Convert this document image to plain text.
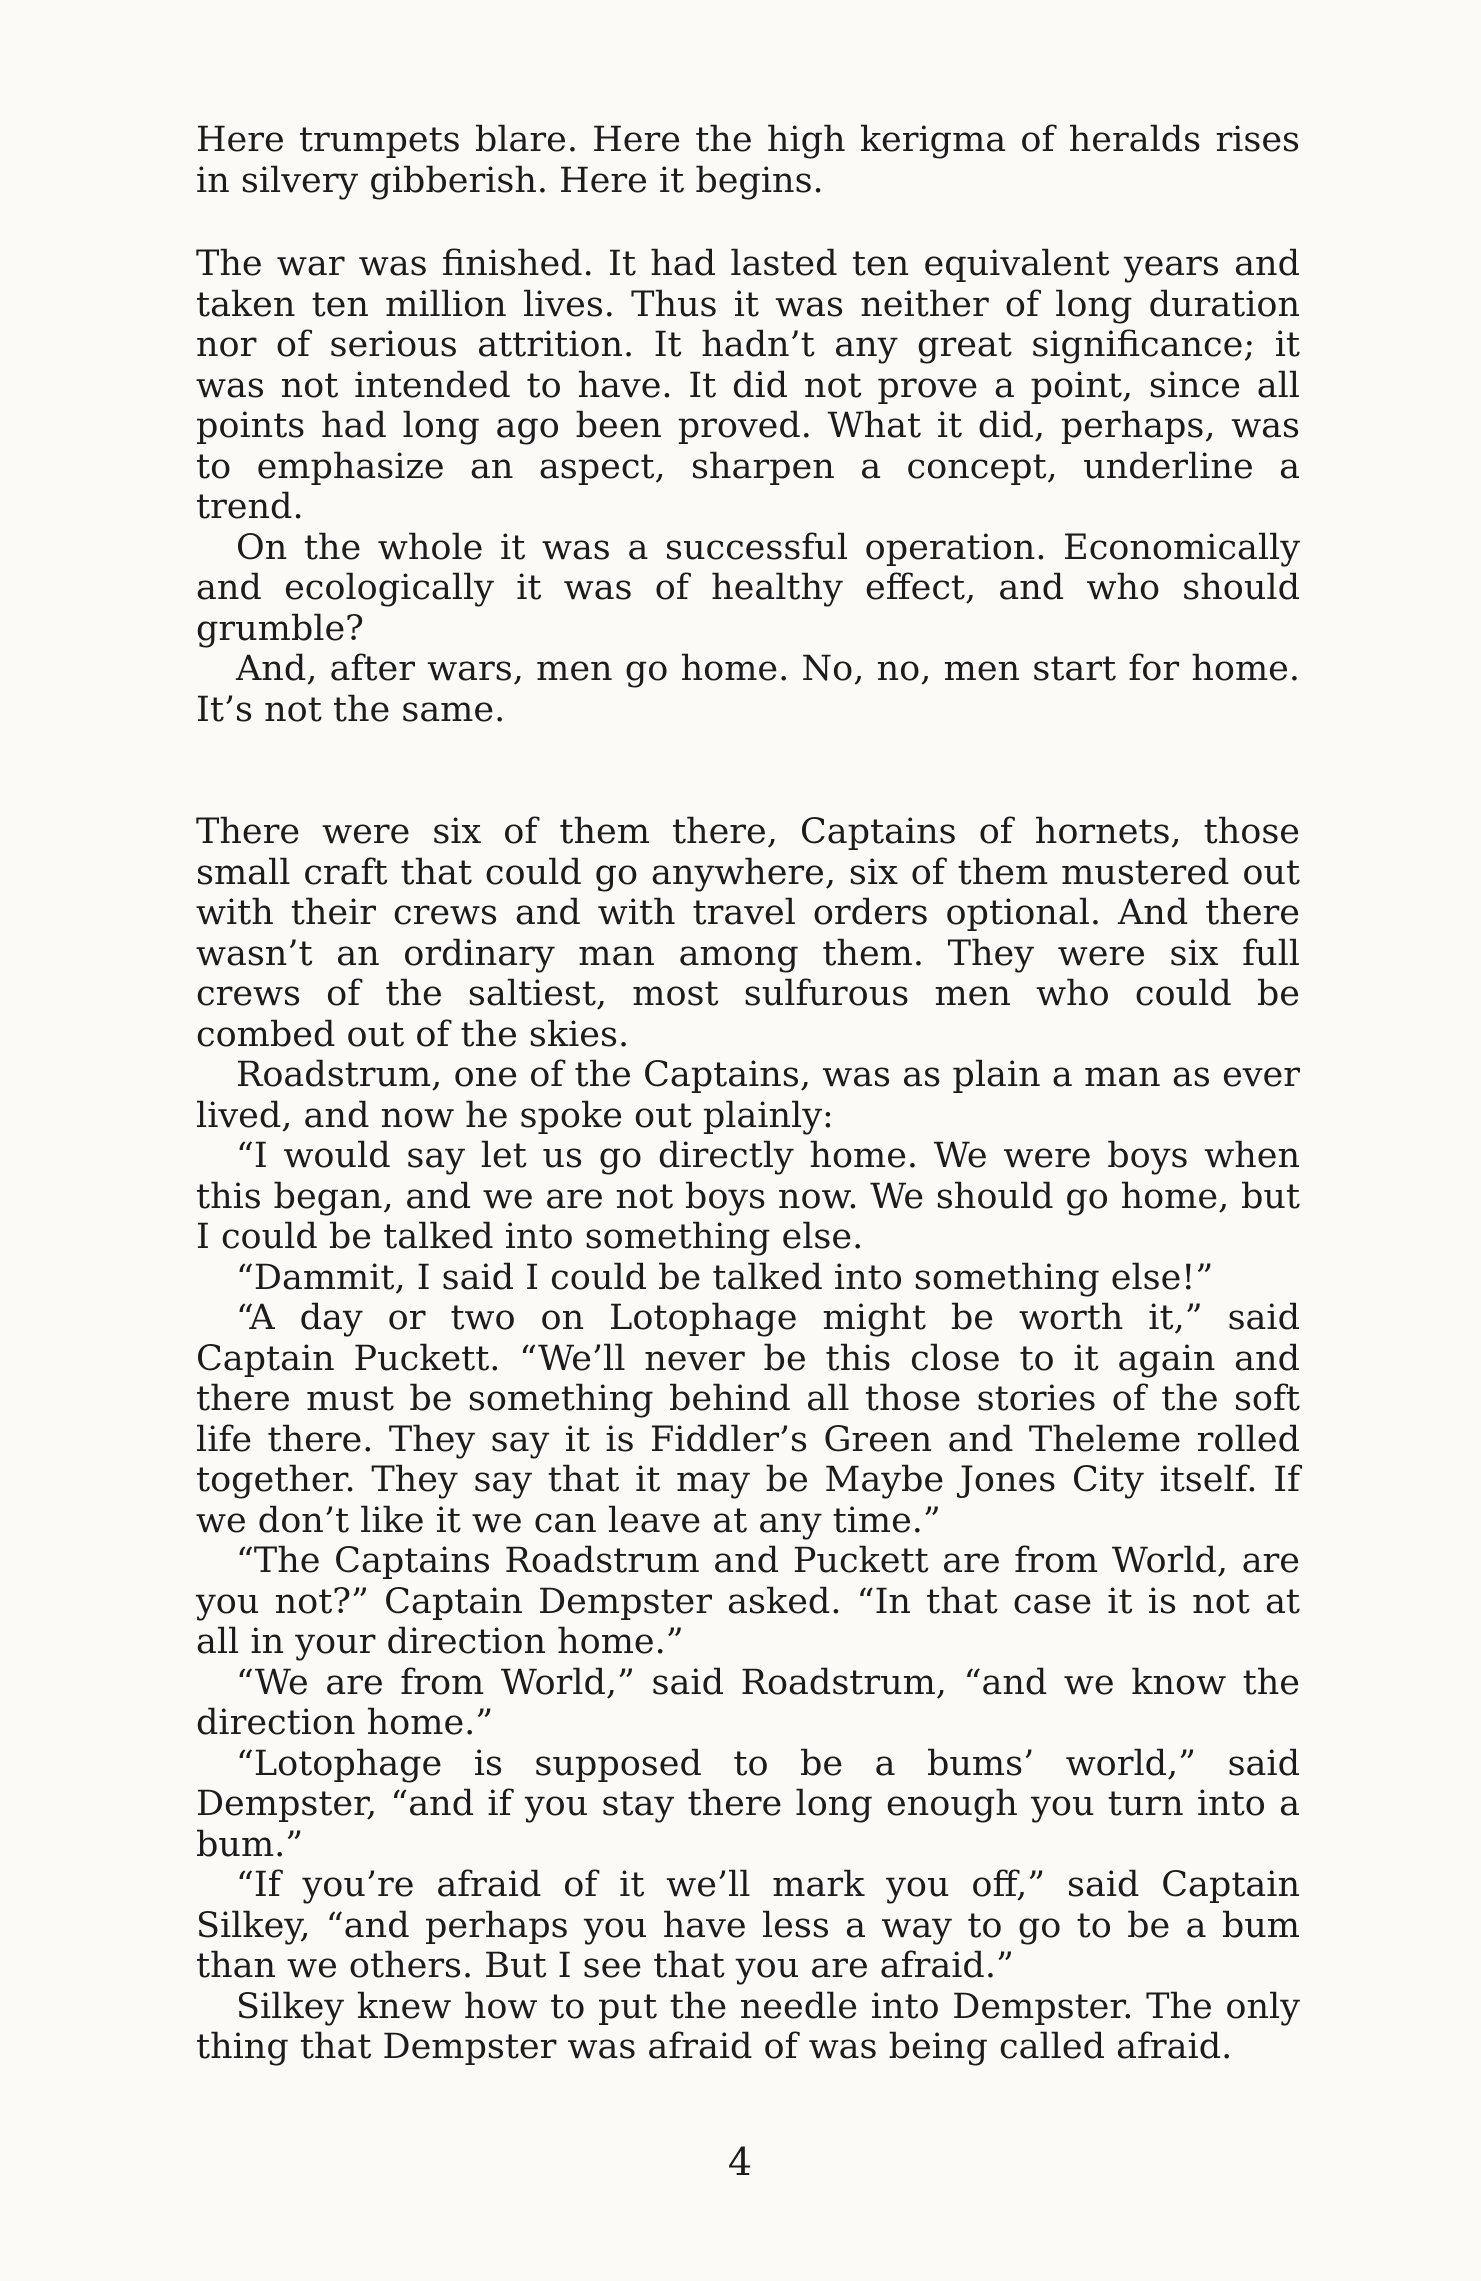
Here trumpets blare. Here the high kerigma of heralds rises in silvery gibberish. Here it begins.

The war was finished. It had lasted ten equivalent years and taken ten million lives. Thus it was neither of long duration nor of serious attrition. It hadn’t any great significance; it was not intended to have. It did not prove a point, since all points had long ago been proved. What it did, perhaps, was to emphasize an aspect, sharpen a concept, underline a trend.

On the whole it was a successful operation. Economically and ecologically it was of healthy effect, and who should grumble?

And, after wars, men go home. No, no, men start for home. It’s not the same.

There were six of them there, Captains of hornets, those small craft that could go anywhere, six of them mustered out with their crews and with travel orders optional. And there wasn’t an ordinary man among them. They were six full crews of the saltiest, most sulfurous men who could be combed out of the skies.

Roadstrum, one of the Captains, was as plain a man as ever lived, and now he spoke out plainly:

“I would say let us go directly home. We were boys when this began, and we are not boys now. We should go home, but I could be talked into something else.

“Dammit, I said I could be talked into something else!”

“A day or two on Lotophage might be worth it,” said Captain Puckett. “We’ll never be this close to it again and there must be something behind all those stories of the soft life there. They say it is Fiddler’s Green and Theleme rolled together. They say that it may be Maybe Jones City itself. If we don’t like it we can leave at any time.”

“The Captains Roadstrum and Puckett are from World, are you not?” Captain Dempster asked. “In that case it is not at all in your direction home.”

“We are from World,” said Roadstrum, “and we know the direction home.”

“Lotophage is supposed to be a bums’ world,” said Dempster, “and if you stay there long enough you turn into a bum.”

“If you’re afraid of it we’ll mark you off,” said Captain Silkey, “and perhaps you have less a way to go to be a bum than we others. But I see that you are afraid.”

Silkey knew how to put the needle into Dempster. The only thing that Dempster was afraid of was being called afraid.

4
